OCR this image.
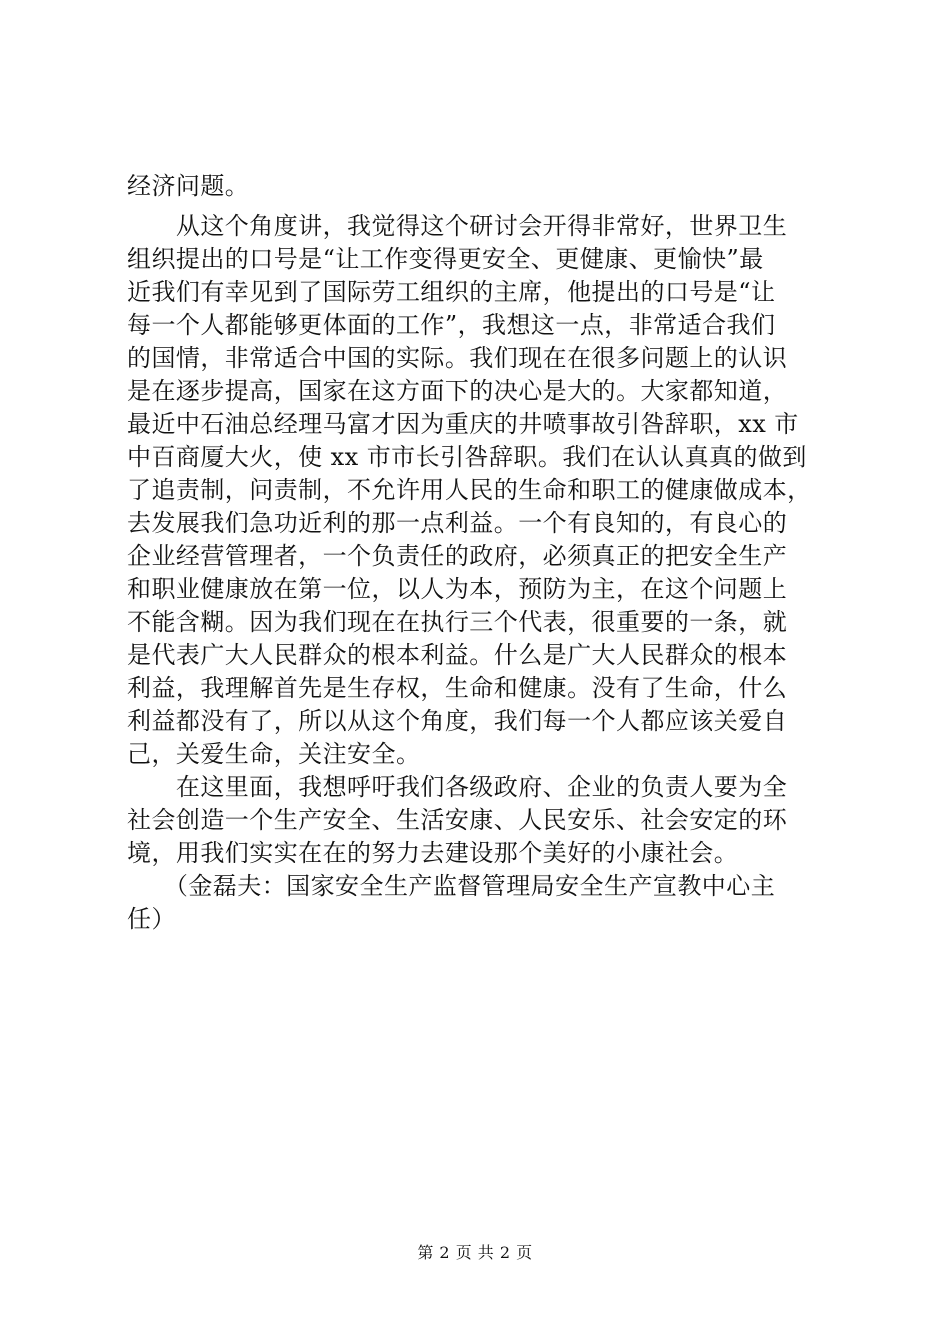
经济问题。
　　从这个角度讲，我觉得这个研讨会开得非常好，世界卫生
组织提出的口号是“让工作变得更安全、更健康、更愉快”最
近我们有幸见到了国际劳工组织的主席，他提出的口号是“让
每一个人都能够更体面的工作”，我想这一点，非常适合我们
的国情，非常适合中国的实际。我们现在在很多问题上的认识
是在逐步提高，国家在这方面下的决心是大的。大家都知道，
最近中石油总经理马富才因为重庆的井喷事故引咎辞职，xx 市
中百商厦大火，使 xx 市市长引咎辞职。我们在认认真真的做到
了追责制，问责制，不允许用人民的生命和职工的健康做成本，
去发展我们急功近利的那一点利益。一个有良知的，有良心的
企业经营管理者，一个负责任的政府，必须真正的把安全生产
和职业健康放在第一位，以人为本，预防为主，在这个问题上
不能含糊。因为我们现在在执行三个代表，很重要的一条，就
是代表广大人民群众的根本利益。什么是广大人民群众的根本
利益，我理解首先是生存权，生命和健康。没有了生命，什么
利益都没有了，所以从这个角度，我们每一个人都应该关爱自
己，关爱生命，关注安全。
　　在这里面，我想呼吁我们各级政府、企业的负责人要为全
社会创造一个生产安全、生活安康、人民安乐、社会安定的环
境，用我们实实在在的努力去建设那个美好的小康社会。
　　（金磊夫：国家安全生产监督管理局安全生产宣教中心主
任）
第 2 页 共 2 页
